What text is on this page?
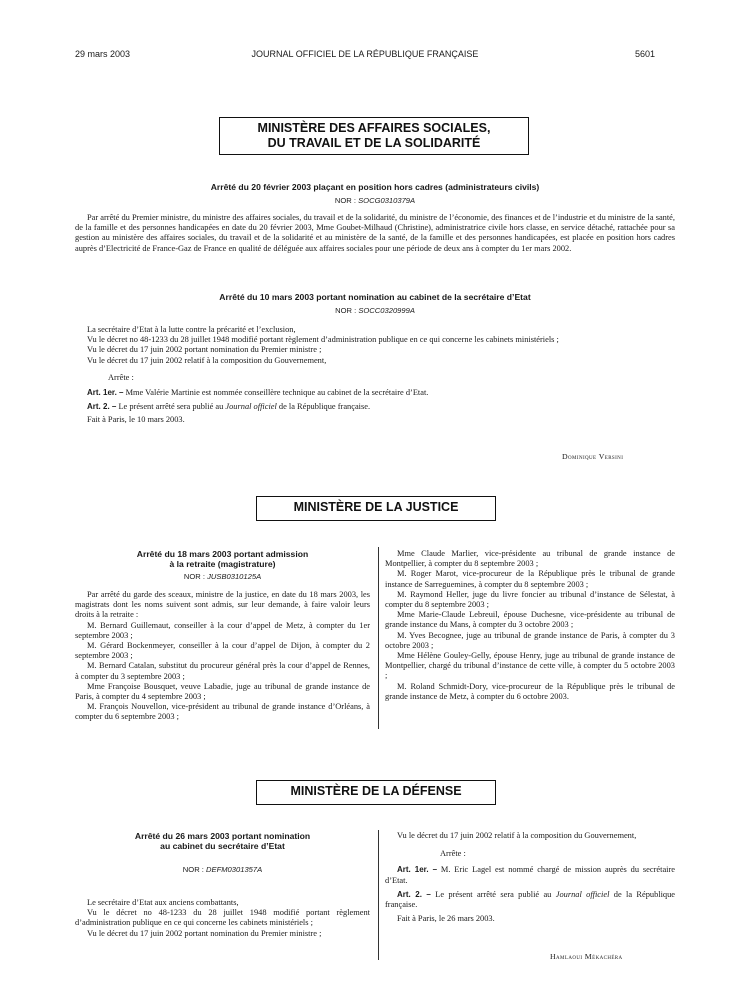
29 mars 2003	JOURNAL OFFICIEL DE LA RÉPUBLIQUE FRANÇAISE	5601
MINISTÈRE DES AFFAIRES SOCIALES,
DU TRAVAIL ET DE LA SOLIDARITÉ
Arrêté du 20 février 2003 plaçant en position hors cadres (administrateurs civils)
NOR : SOCG0310379A

Par arrêté du Premier ministre, du ministre des affaires sociales, du travail et de la solidarité, du ministre de l’économie, des finances et de l’industrie et du ministre de la santé, de la famille et des personnes handicapées en date du 20 février 2003, Mme Goubet-Milhaud (Christine), administratrice civile hors classe, en service détaché, rattachée pour sa gestion au ministère des affaires sociales, du travail et de la solidarité et au ministère de la santé, de la famille et des personnes handicapées, est placée en position hors cadres auprès d’Electricité de France-Gaz de France en qualité de déléguée aux affaires sociales pour une période de deux ans à compter du 1er mars 2002.

Arrêté du 10 mars 2003 portant nomination au cabinet de la secrétaire d’Etat
NOR : SOCC0320999A

La secrétaire d’Etat à la lutte contre la précarité et l’exclusion,

Vu le décret no 48-1233 du 28 juillet 1948 modifié portant règlement d’administration publique en ce qui concerne les cabinets ministériels ;

Vu le décret du 17 juin 2002 portant nomination du Premier ministre ;

Vu le décret du 17 juin 2002 relatif à la composition du Gouvernement,

Arrête :

Art. 1er. – Mme Valérie Martinie est nommée conseillère technique au cabinet de la secrétaire d’Etat.

Art. 2. – Le présent arrêté sera publié au Journal officiel de la République française.

Fait à Paris, le 10 mars 2003.

Dominique Versini
MINISTÈRE DE LA JUSTICE
Arrêté du 18 mars 2003 portant admission
à la retraite (magistrature)
NOR : JUSB0310125A

Par arrêté du garde des sceaux, ministre de la justice, en date du 18 mars 2003, les magistrats dont les noms suivent sont admis, sur leur demande, à faire valoir leurs droits à la retraite :

M. Bernard Guillemaut, conseiller à la cour d’appel de Metz, à compter du 1er septembre 2003 ;

M. Gérard Bockenmeyer, conseiller à la cour d’appel de Dijon, à compter du 2 septembre 2003 ;

M. Bernard Catalan, substitut du procureur général près la cour d’appel de Rennes, à compter du 3 septembre 2003 ;

Mme Françoise Bousquet, veuve Labadie, juge au tribunal de grande instance de Paris, à compter du 4 septembre 2003 ;

M. François Nouvellon, vice-président au tribunal de grande instance d’Orléans, à compter du 6 septembre 2003 ;

Mme Claude Marlier, vice-présidente au tribunal de grande instance de Montpellier, à compter du 8 septembre 2003 ;

M. Roger Marot, vice-procureur de la République près le tribunal de grande instance de Sarreguemines, à compter du 8 septembre 2003 ;

M. Raymond Heller, juge du livre foncier au tribunal d’instance de Sélestat, à compter du 8 septembre 2003 ;

Mme Marie-Claude Lebreuil, épouse Duchesne, vice-présidente au tribunal de grande instance du Mans, à compter du 3 octobre 2003 ;

M. Yves Becognee, juge au tribunal de grande instance de Paris, à compter du 3 octobre 2003 ;

Mme Hélène Gouley-Gelly, épouse Henry, juge au tribunal de grande instance de Montpellier, chargé du tribunal d’instance de cette ville, à compter du 5 octobre 2003 ;

M. Roland Schmidt-Dory, vice-procureur de la République près le tribunal de grande instance de Metz, à compter du 6 octobre 2003.

MINISTÈRE DE LA DÉFENSE
Arrêté du 26 mars 2003 portant nomination
au cabinet du secrétaire d’Etat
NOR : DEFM0301357A

Le secrétaire d’Etat aux anciens combattants,

Vu le décret no 48-1233 du 28 juillet 1948 modifié portant règlement d’administration publique en ce qui concerne les cabinets ministériels ;

Vu le décret du 17 juin 2002 portant nomination du Premier ministre ;

Vu le décret du 17 juin 2002 relatif à la composition du Gouvernement,

Arrête :

Art. 1er. – M. Eric Lagel est nommé chargé de mission auprès du secrétaire d’Etat.

Art. 2. – Le présent arrêté sera publié au Journal officiel de la République française.

Fait à Paris, le 26 mars 2003.

Hamlaoui Mékachéra
